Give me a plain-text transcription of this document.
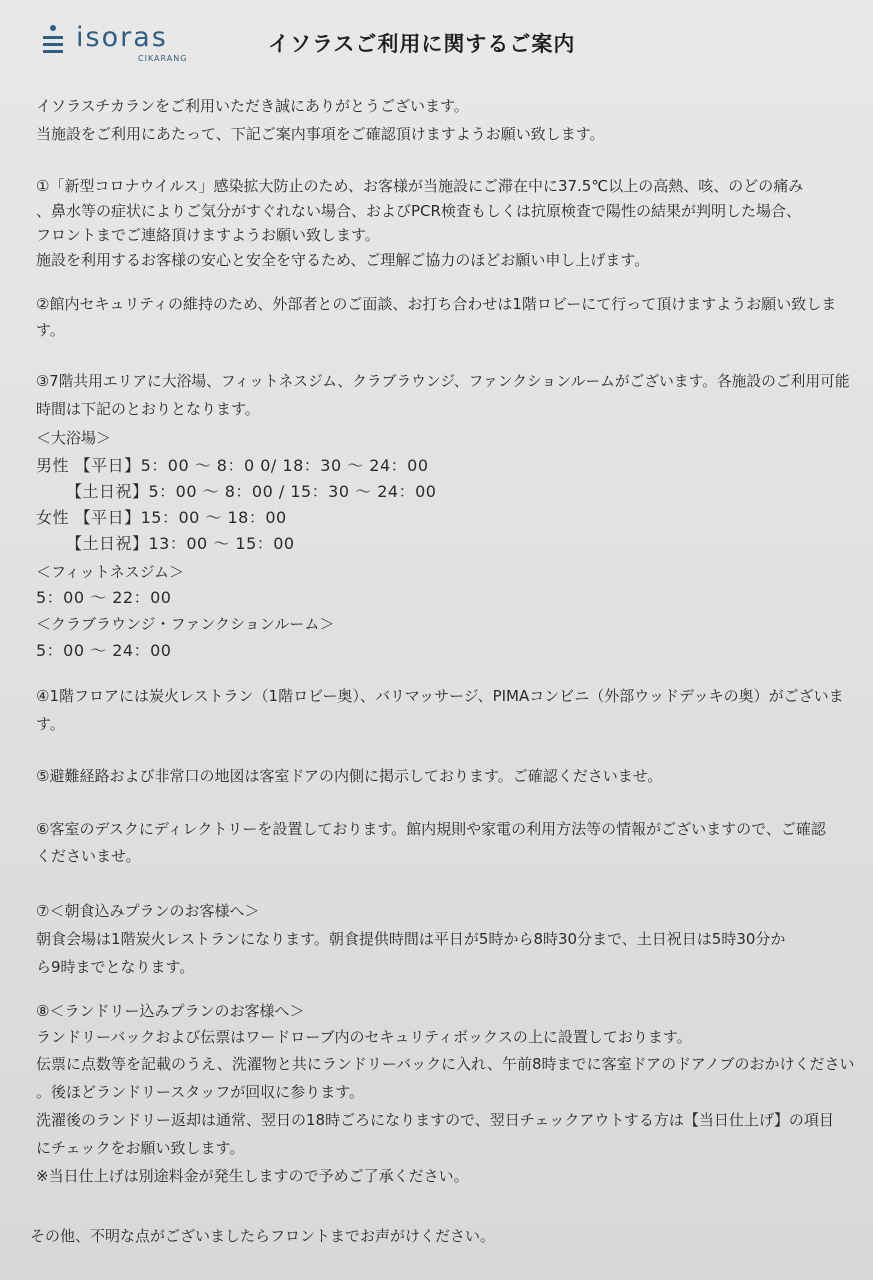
isoras
CIKARANG
イソラスご利用に関するご案内
イソラスチカランをご利用いただき誠にありがとうございます。
当施設をご利用にあたって、下記ご案内事項をご確認頂けますようお願い致します。
①「新型コロナウイルス」感染拡大防止のため、お客様が当施設にご滞在中に37.5℃以上の高熱、咳、のどの痛み
、鼻水等の症状によりご気分がすぐれない場合、およびPCR検査もしくは抗原検査で陽性の結果が判明した場合、
フロントまでご連絡頂けますようお願い致します。
施設を利用するお客様の安心と安全を守るため、ご理解ご協力のほどお願い申し上げます。
②館内セキュリティの維持のため、外部者とのご面談、お打ち合わせは1階ロビーにて行って頂けますようお願い致しま
す。
③7階共用エリアに大浴場、フィットネスジム、クラブラウンジ、ファンクションルームがございます。各施設のご利用可能
時間は下記のとおりとなります。
＜大浴場＞
男性 【平日】5：00 ～ 8：0 0/ 18：30 ～ 24：00
【土日祝】5：00 ～ 8：00 / 15：30 ～ 24：00
女性 【平日】15：00 ～ 18：00
【土日祝】13：00 ～ 15：00
＜フィットネスジム＞
5：00 ～ 22：00
＜クラブラウンジ・ファンクションルーム＞
5：00 ～ 24：00
④1階フロアには炭火レストラン（1階ロビー奥）、バリマッサージ、PIMAコンビニ（外部ウッドデッキの奥）がございま
す。
⑤避難経路および非常口の地図は客室ドアの内側に掲示しております。ご確認くださいませ。
⑥客室のデスクにディレクトリーを設置しております。館内規則や家電の利用方法等の情報がございますので、ご確認
くださいませ。
⑦＜朝食込みプランのお客様へ＞
朝食会場は1階炭火レストランになります。朝食提供時間は平日が5時から8時30分まで、土日祝日は5時30分か
ら9時までとなります。
⑧＜ランドリー込みプランのお客様へ＞
ランドリーバックおよび伝票はワードローブ内のセキュリティボックスの上に設置しております。
伝票に点数等を記載のうえ、洗濯物と共にランドリーバックに入れ、午前8時までに客室ドアのドアノブのおかけください
。後ほどランドリースタッフが回収に参ります。
洗濯後のランドリー返却は通常、翌日の18時ごろになりますので、翌日チェックアウトする方は【当日仕上げ】の項目
にチェックをお願い致します。
※当日仕上げは別途料金が発生しますので予めご了承ください。
その他、不明な点がございましたらフロントまでお声がけください。
